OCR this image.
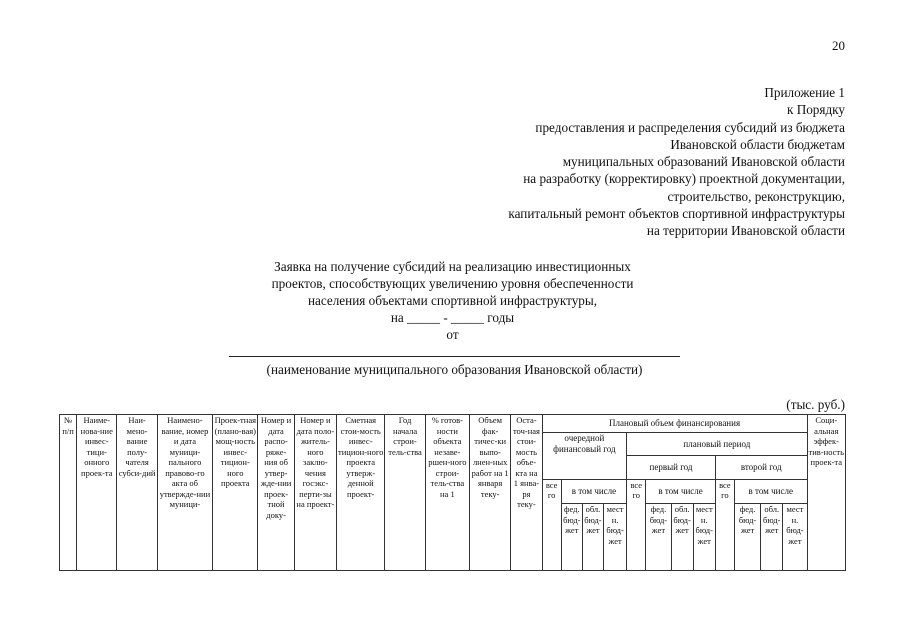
20
Приложение 1
к Порядку
предоставления и распределения субсидий из бюджета
Ивановской области бюджетам
муниципальных образований Ивановской области
на разработку (корректировку) проектной документации,
строительство, реконструкцию,
капитальный ремонт объектов спортивной инфраструктуры
на территории Ивановской области
Заявка на получение субсидий на реализацию инвестиционных
проектов, способствующих увеличению уровня обеспеченности
населения объектами спортивной инфраструктуры,
на _____ - _____ годы
от
(наименование муниципального образования Ивановской области)
(тыс. руб.)
№ п/п	Наиме-нова-ние инвес-тици-онного проек-та	Наи-мено-вание полу-чателя субси-дий	Наимено-вание, номер и дата муници-пального правово-го акта об утвержде-нии муници-	Проек-тная (плано-вая) мощ-ность инвес-тицион-ного проекта	Номер и дата распо-ряже-ния об утвер-жде-нии проек-тной доку-	Номер и дата поло-житель-ного заклю-чения госэкс-перти-зы на проект-	Сметная стои-мость инвес-тицион-ного проекта утверж-денной проект-	Год начала строи-тель-ства	% готов-ности объекта незаве-ршен-ного строи-тель-ства на 1	Объем фак-тичес-ки выпо-лнен-ных работ на 1 января теку-	Оста-точ-ная стои-мость объе-кта на 1 янва-ря теку-	Плановый объем финансирования												Соци-альная эффек-тив-ность проек-та
												очередной финансовый год				плановый период								
																первый год				второй год				
												все го	в том числе			все го	в том числе			все го	в том числе			
													фед. бюд-жет	обл. бюд-жет	мест н. бюд-жет		фед. бюд-жет	обл. бюд-жет	мест н. бюд-жет		фед. бюд-жет	обл. бюд-жет	мест н. бюд-жет	
